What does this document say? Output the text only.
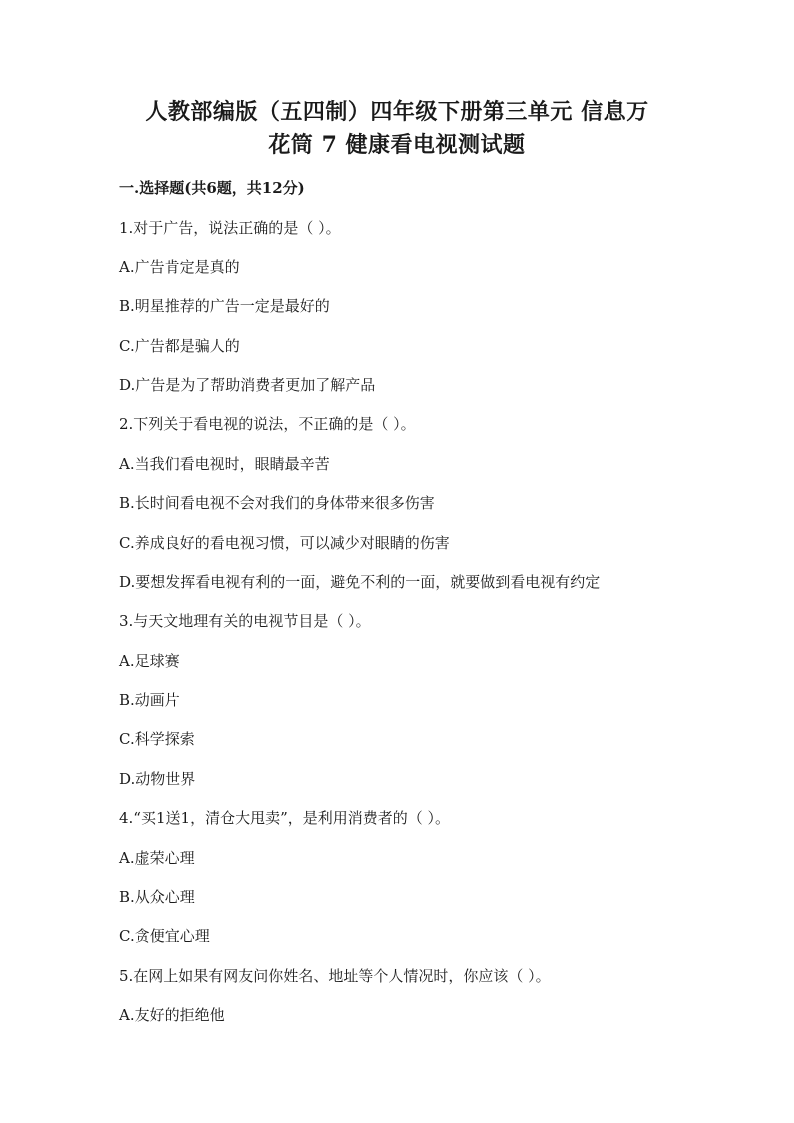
人教部编版（五四制）四年级下册第三单元 信息万
花筒 7 健康看电视测试题
一.选择题(共6题，共12分)
1.对于广告，说法正确的是（ ）。
A.广告肯定是真的
B.明星推荐的广告一定是最好的
C.广告都是骗人的
D.广告是为了帮助消费者更加了解产品
2.下列关于看电视的说法，不正确的是（ ）。
A.当我们看电视时，眼睛最辛苦
B.长时间看电视不会对我们的身体带来很多伤害
C.养成良好的看电视习惯，可以减少对眼睛的伤害
D.要想发挥看电视有利的一面，避免不利的一面，就要做到看电视有约定
3.与天文地理有关的电视节目是（ ）。
A.足球赛
B.动画片
C.科学探索
D.动物世界
4.“买1送1，清仓大甩卖”，是利用消费者的（ ）。
A.虚荣心理
B.从众心理
C.贪便宜心理
5.在网上如果有网友问你姓名、地址等个人情况时，你应该（ ）。
A.友好的拒绝他
